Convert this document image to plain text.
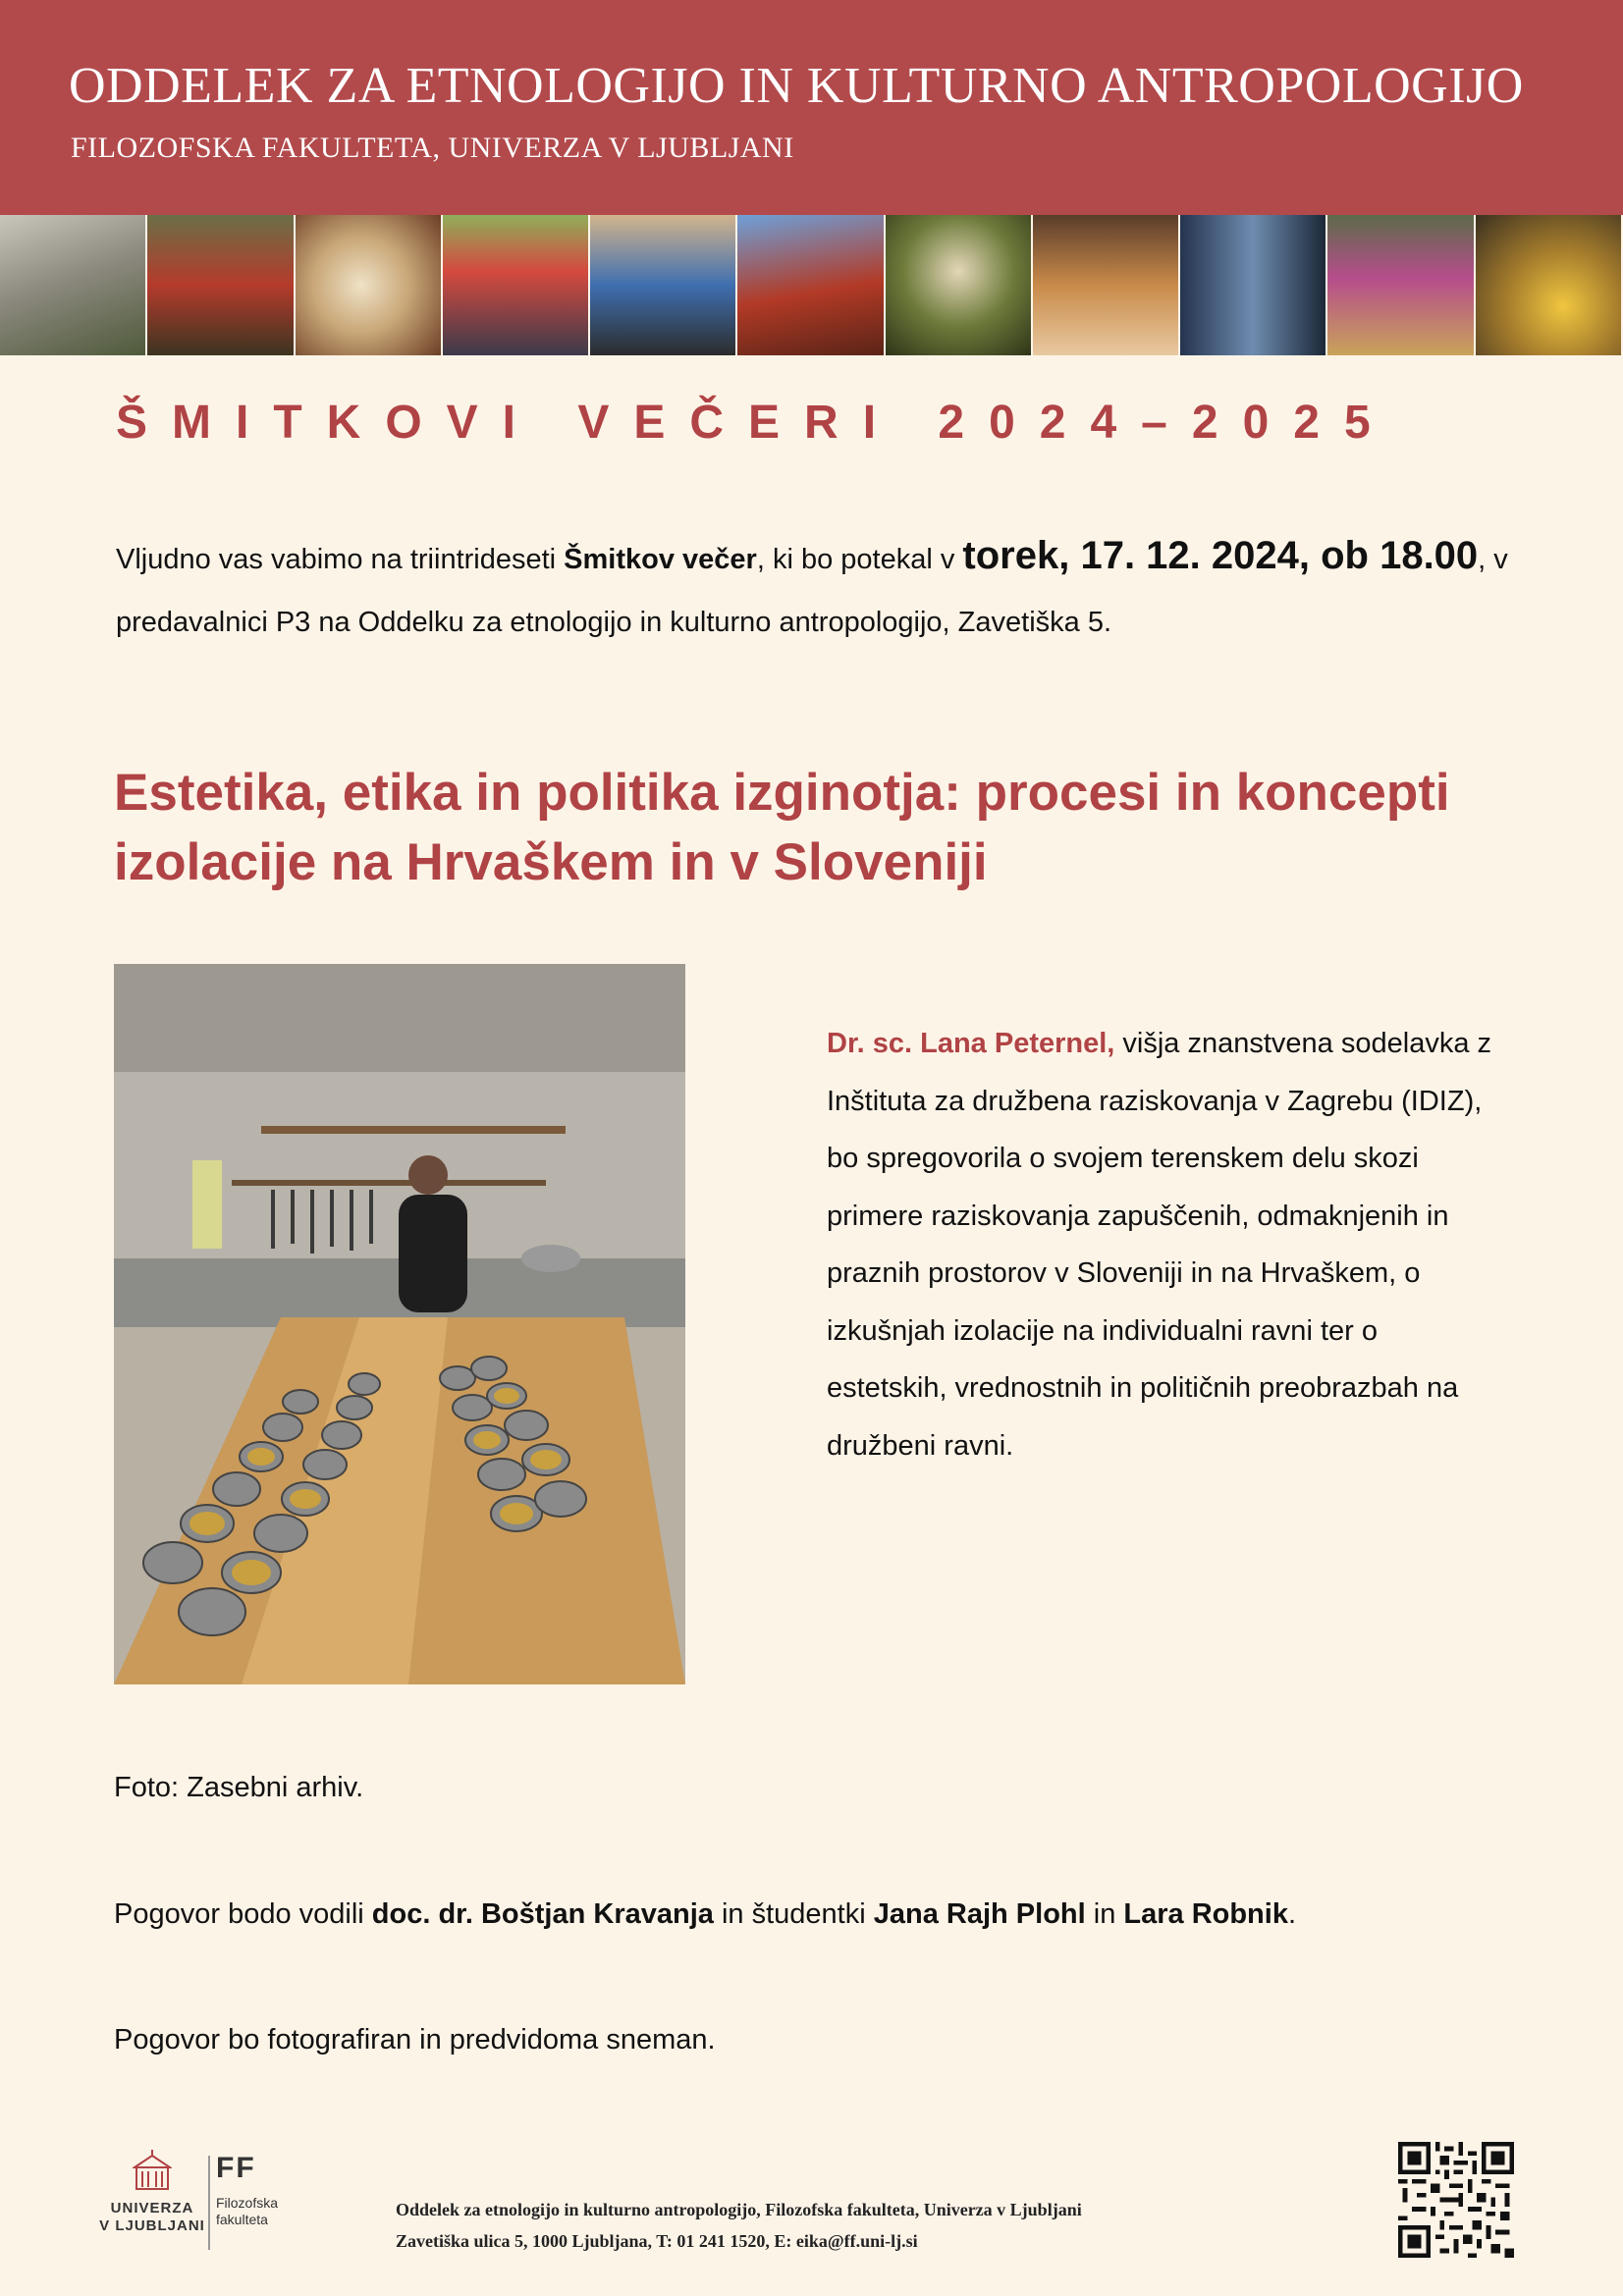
ODDELEK ZA ETNOLOGIJO IN KULTURNO ANTROPOLOGIJO
FILOZOFSKA FAKULTETA, UNIVERZA V LJUBLJANI
ŠMITKOVI VEČERI 2024–2025
Vljudno vas vabimo na triintrideseti Šmitkov večer, ki bo potekal v torek, 17. 12. 2024, ob 18.00, v predavalnici P3 na Oddelku za etnologijo in kulturno antropologijo, Zavetiška 5.
Estetika, etika in politika izginotja: procesi in koncepti izolacije na Hrvaškem in v Sloveniji
Dr. sc. Lana Peternel, višja znanstvena sodelavka z Inštituta za družbena raziskovanja v Zagrebu (IDIZ), bo spregovorila o svojem terenskem delu skozi primere raziskovanja zapuščenih, odmaknjenih in praznih prostorov v Sloveniji in na Hrvaškem, o izkušnjah izolacije na individualni ravni ter o estetskih, vrednostnih in političnih preobrazbah na družbeni ravni.
Foto: Zasebni arhiv.
Pogovor bodo vodili doc. dr. Boštjan Kravanja in študentki Jana Rajh Plohl in Lara Robnik.
Pogovor bo fotografiran in predvidoma sneman.
UNIVERZA
V LJUBLJANI
FF
Filozofska
fakulteta	Oddelek za etnologijo in kulturno antropologijo, Filozofska fakulteta, Univerza v Ljubljani
Zavetiška ulica 5, 1000 Ljubljana, T: 01 241 1520, E: eika@ff.uni-lj.si
